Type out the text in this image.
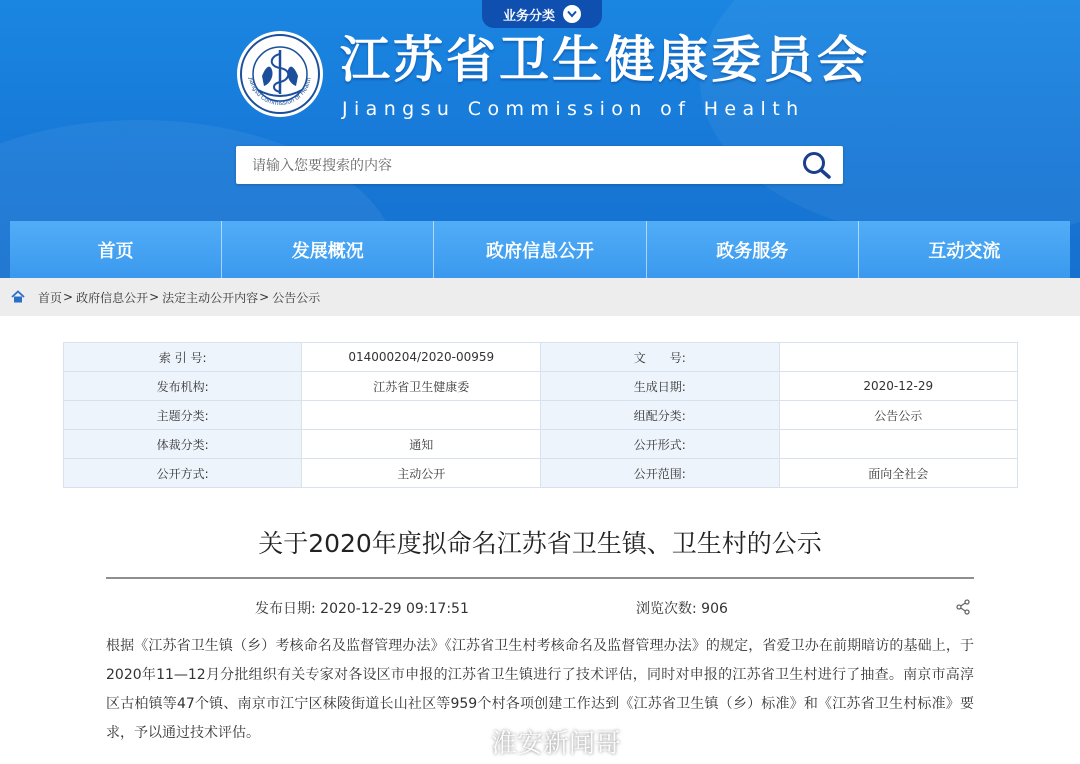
业务分类
Jiangsu Commission of Health 江苏省卫生健康委员会
Jiangsu Commission of Health
请输入您要搜索的内容
首页	发展概况	政府信息公开	政务服务	互动交流
首页 > 政府信息公开 > 法定主动公开内容 > 公告公示
索 引 号:	014000204/2020-00959	文　　号:	
发布机构:	江苏省卫生健康委	生成日期:	2020-12-29
主题分类:		组配分类:	公告公示
体裁分类:	通知	公开形式:	
公开方式:	主动公开	公开范围:	面向全社会
关于2020年度拟命名江苏省卫生镇、卫生村的公示
发布日期: 2020-12-29 09:17:51	浏览次数: 906

根据《江苏省卫生镇（乡）考核命名及监督管理办法》《江苏省卫生村考核命名及监督管理办法》的规定，省爱卫办在前期暗访的基础上，于2020年11—12月分批组织有关专家对各设区市申报的江苏省卫生镇进行了技术评估，同时对申报的江苏省卫生村进行了抽查。南京市高淳区古柏镇等47个镇、南京市江宁区秣陵街道长山社区等959个村各项创建工作达到《江苏省卫生镇（乡）标准》和《江苏省卫生村标准》要求，予以通过技术评估。	淮安新闻哥
